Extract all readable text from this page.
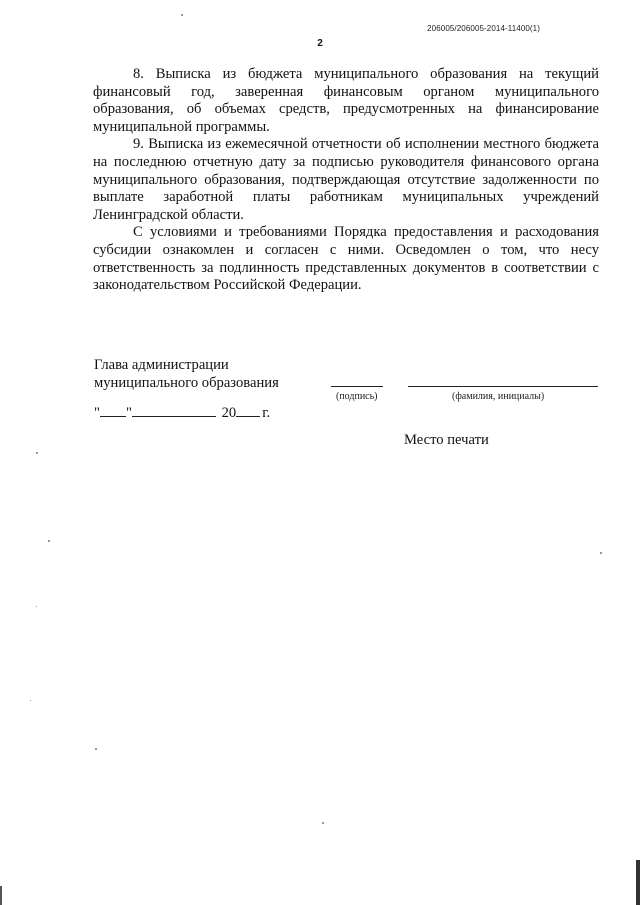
206005/206005-2014-11400(1)
2

8. Выписка из бюджета муниципального образования на текущий финансовый год, заверенная финансовым органом муниципального образования, об объемах средств, предусмотренных на финансирование муниципальной программы.

9. Выписка из ежемесячной отчетности об исполнении местного бюджета на последнюю отчетную дату за подписью руководителя финансового органа муниципального образования, подтверждающая отсутствие задолженности по выплате заработной платы работникам муниципальных учреждений Ленинградской области.

С условиями и требованиями Порядка предоставления и расходования субсидии ознакомлен и согласен с ними. Осведомлен о том, что несу ответственность за подлинность представленных документов в соответствии с законодательством Российской Федерации.

Глава администрации
муниципального образования
(подпись)	(фамилия, инициалы)
" "	20 г.
Место печати
